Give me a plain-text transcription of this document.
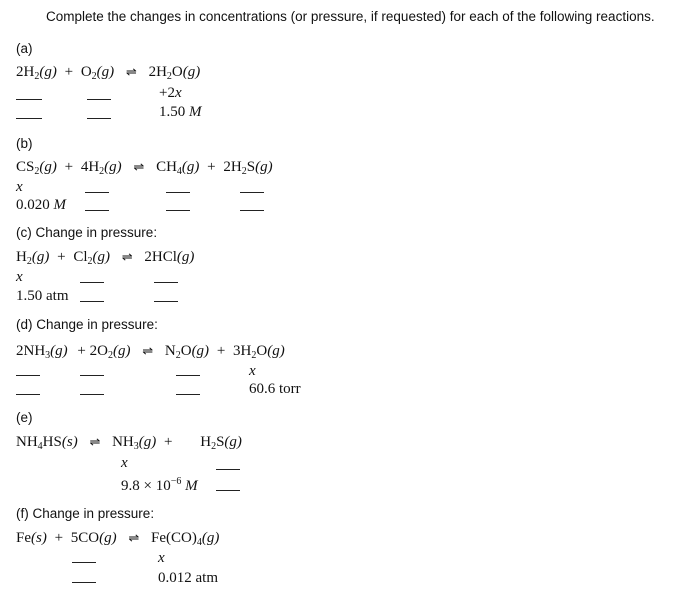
Complete the changes in concentrations (or pressure, if requested) for each of the following reactions.
(a)
$2H_2(g) + O_2(g)$ ⇌ $2H_2O(g)$
+2x
1.50 M
(b)
$CS_2(g) + 4H_2(g)$ ⇌ $CH_4(g) + 2H_2S(g)$
x
0.020 M
(c) Change in pressure:
$H_2(g) + Cl_2(g)$ ⇌ 2HCl(g)
x
1.50 atm
(d) Change in pressure:
$2NH_3(g) + 2O_2(g)$ ⇌ $N_2O(g) + 3H_2O(g)$
x
60.6 torr
(e)
$NH_4HS(s)$ ⇌ $NH_3(g) + H_2S(g)$
x
$9.8 \times 10^{-6}$ M
(f) Change in pressure:
Fe(s) + 5CO(g) ⇌ $Fe(CO)_4(g)$
x
0.012 atm
